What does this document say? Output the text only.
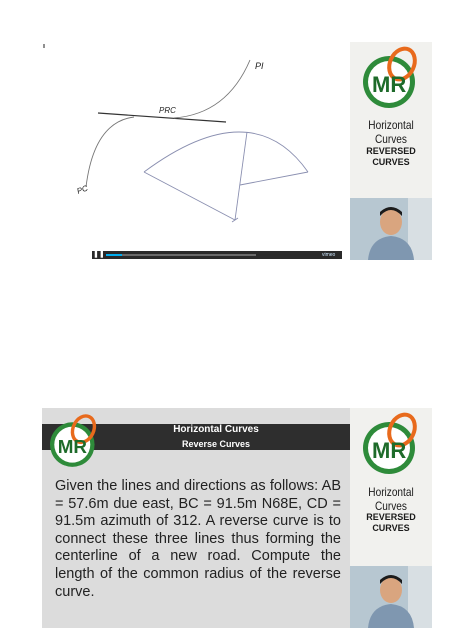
PI
PRC
PC
MR
Horizontal Curves
REVERSED CURVES
❚❚	vimeo
MR
Horizontal Curves
Reverse Curves
Given the lines and directions as follows: AB = 57.6m due east, BC = 91.5m N68E, CD = 91.5m azimuth of 312. A reverse curve is to connect these three lines thus forming the centerline of a new road. Compute the length of the common radius of the reverse curve.
MR
Horizontal Curves
REVERSED CURVES
